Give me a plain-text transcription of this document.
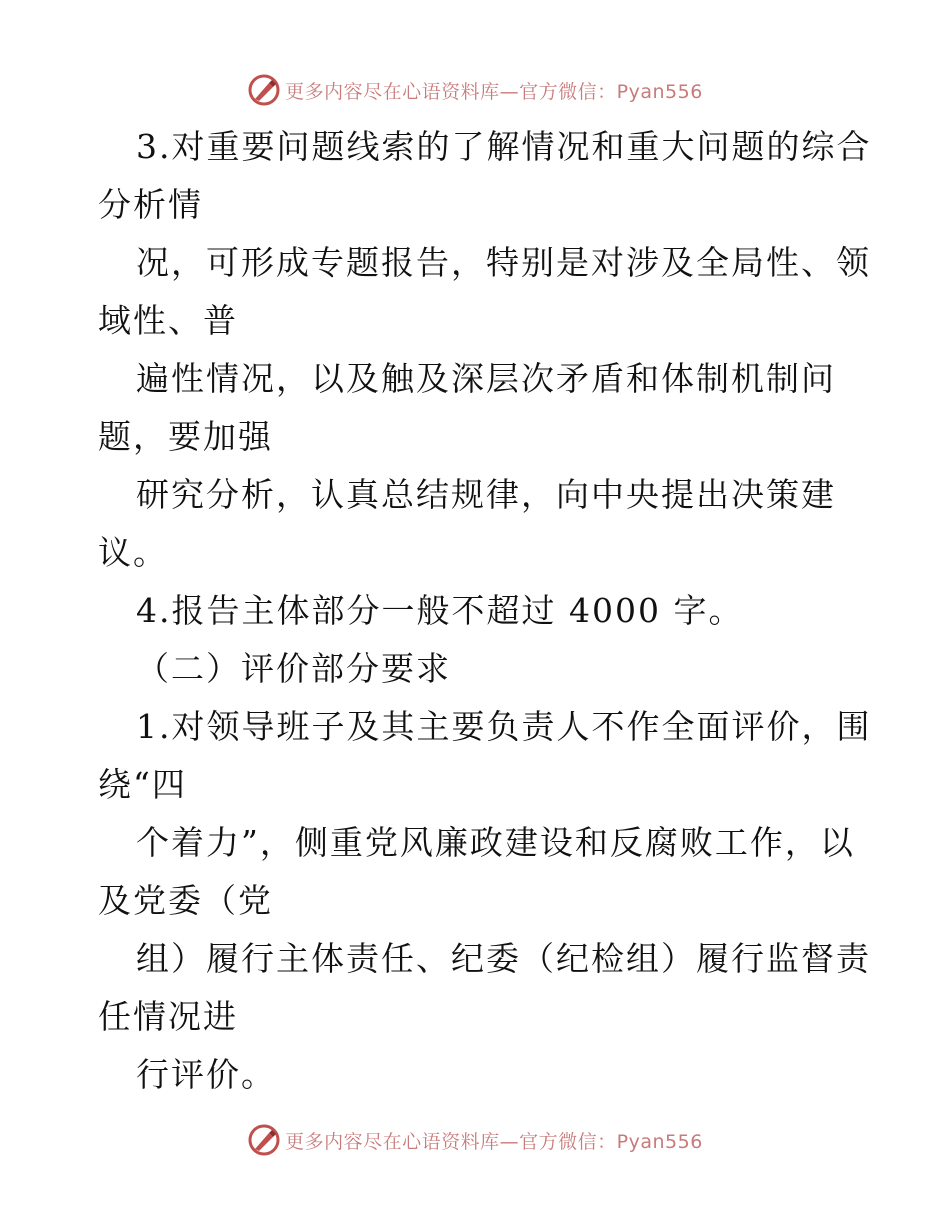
更多内容尽在心语资料库—官方微信：Pyan556
3.对重要问题线索的了解情况和重大问题的综合
分析情
况，可形成专题报告，特别是对涉及全局性、领
域性、普
遍性情况，以及触及深层次矛盾和体制机制问
题，要加强
研究分析，认真总结规律，向中央提出决策建
议。
4.报告主体部分一般不超过 4000 字。
（二）评价部分要求
1.对领导班子及其主要负责人不作全面评价，围
绕“四
个着力”，侧重党风廉政建设和反腐败工作，以
及党委（党
组）履行主体责任、纪委（纪检组）履行监督责
任情况进
行评价。
更多内容尽在心语资料库—官方微信：Pyan556
